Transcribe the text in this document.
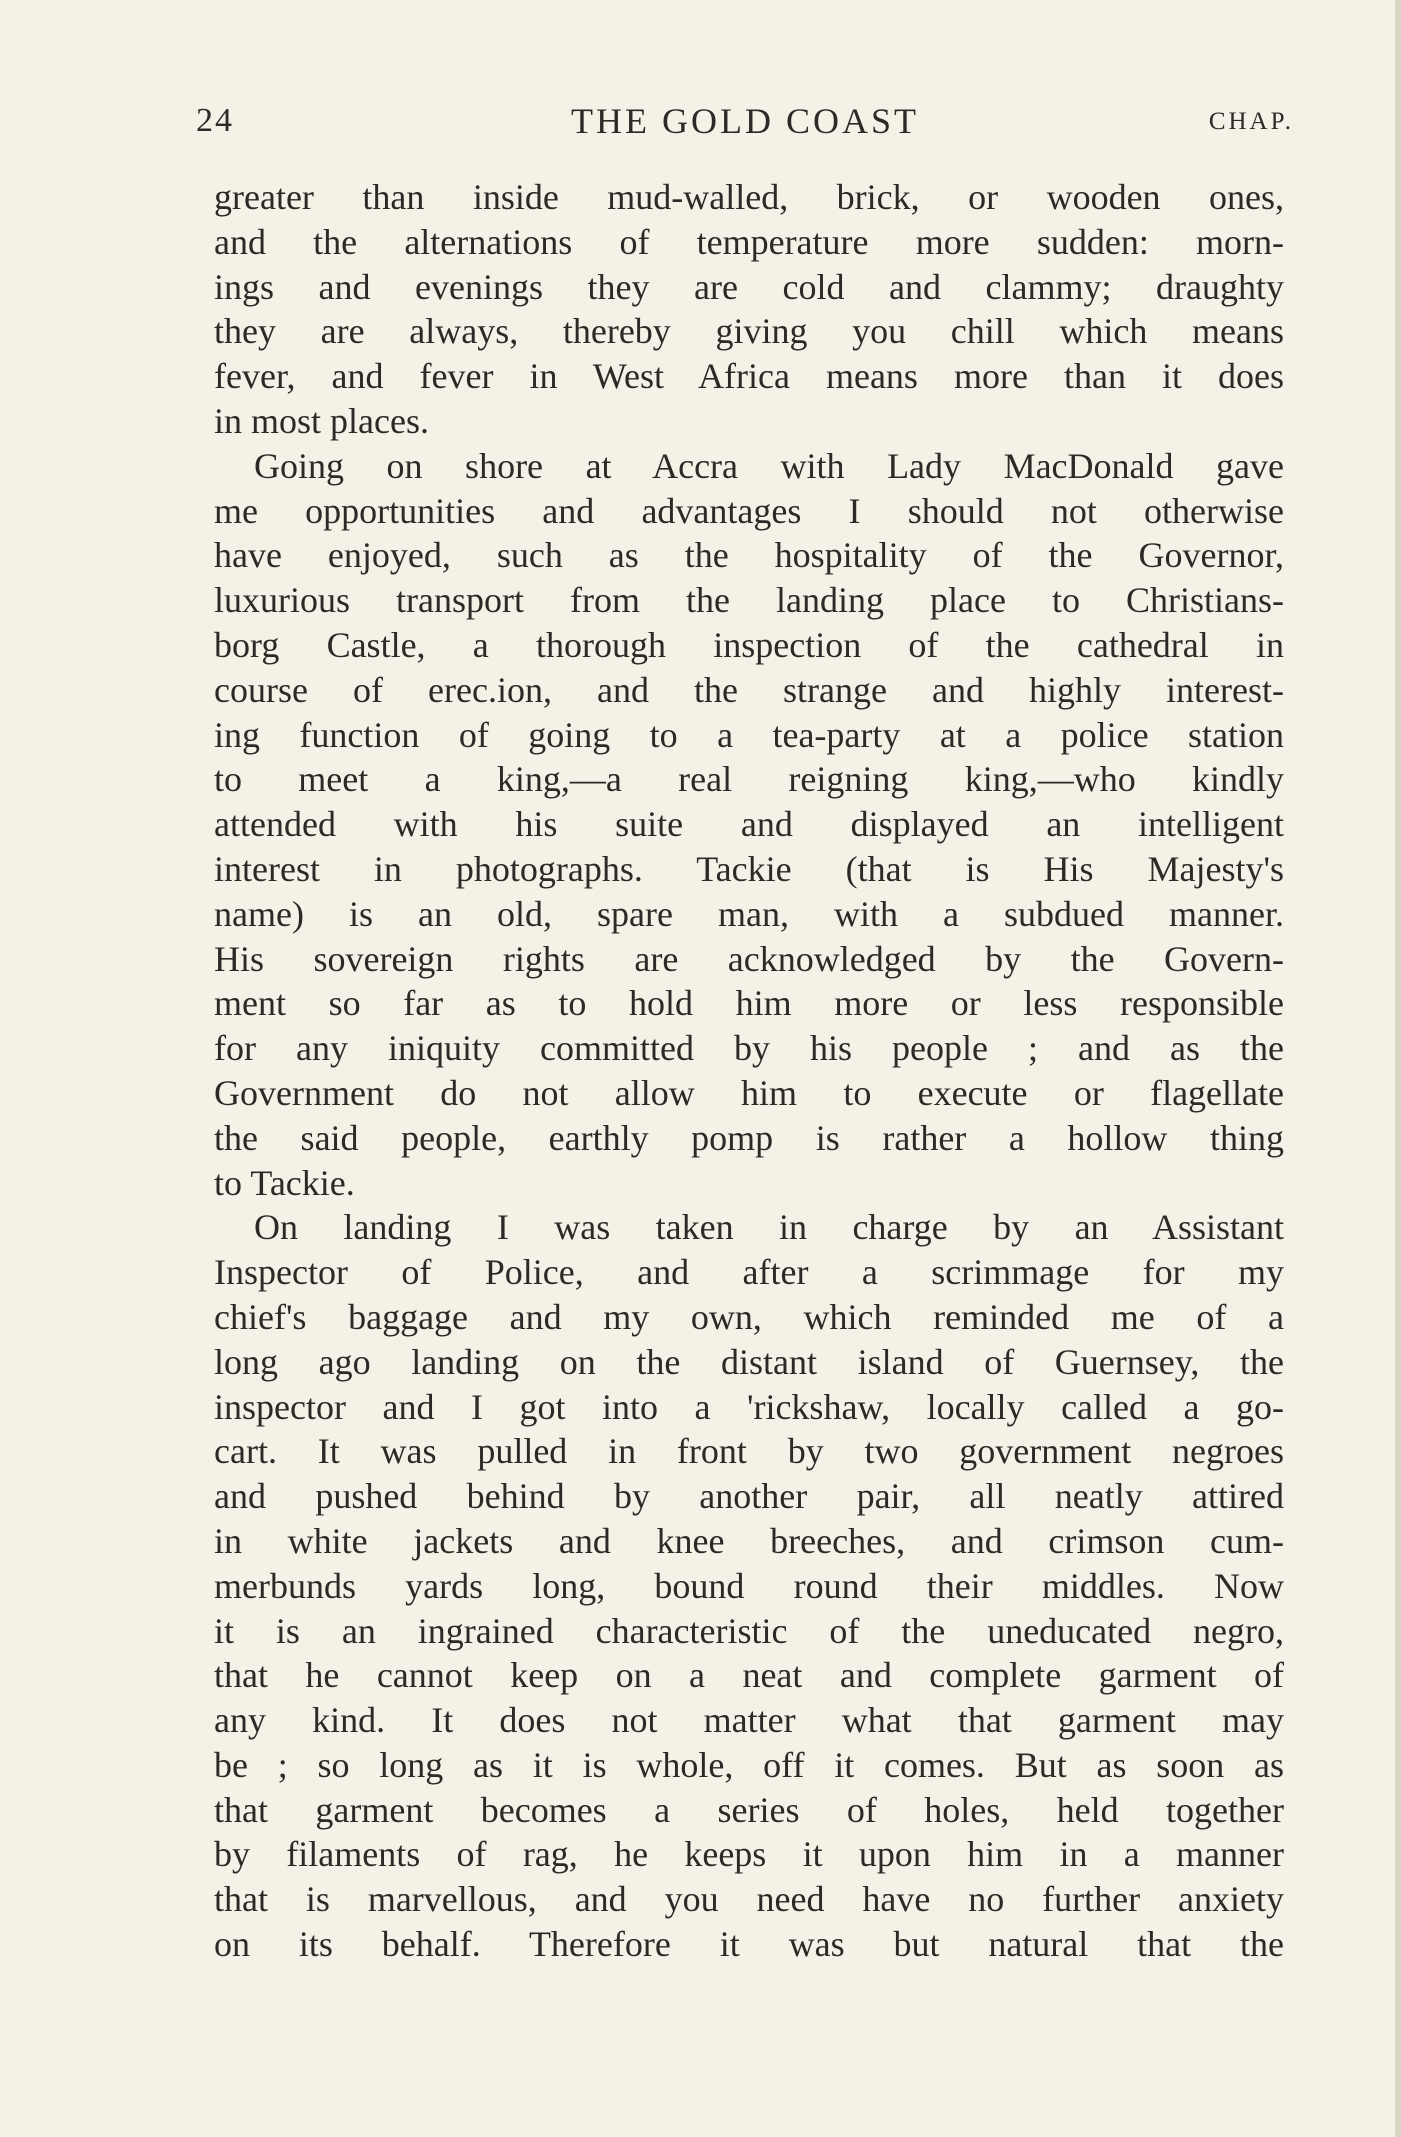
24	THE GOLD COAST	CHAP.
greater than inside mud-walled, brick, or wooden ones,
and the alternations of temperature more sudden: morn-
ings and evenings they are cold and clammy; draughty
they are always, thereby giving you chill which means
fever, and fever in West Africa means more than it does
in most places.
Going on shore at Accra with Lady MacDonald gave
me opportunities and advantages I should not otherwise
have enjoyed, such as the hospitality of the Governor,
luxurious transport from the landing place to Christians-
borg Castle, a thorough inspection of the cathedral in
course of erec.ion, and the strange and highly interest-
ing function of going to a tea-party at a police station
to meet a king,—a real reigning king,—who kindly
attended with his suite and displayed an intelligent
interest in photographs. Tackie (that is His Majesty's
name) is an old, spare man, with a subdued manner.
His sovereign rights are acknowledged by the Govern-
ment so far as to hold him more or less responsible
for any iniquity committed by his people ; and as the
Government do not allow him to execute or flagellate
the said people, earthly pomp is rather a hollow thing
to Tackie.
On landing I was taken in charge by an Assistant
Inspector of Police, and after a scrimmage for my
chief's baggage and my own, which reminded me of a
long ago landing on the distant island of Guernsey, the
inspector and I got into a 'rickshaw, locally called a go-
cart. It was pulled in front by two government negroes
and pushed behind by another pair, all neatly attired
in white jackets and knee breeches, and crimson cum-
merbunds yards long, bound round their middles. Now
it is an ingrained characteristic of the uneducated negro,
that he cannot keep on a neat and complete garment of
any kind. It does not matter what that garment may
be ; so long as it is whole, off it comes. But as soon as
that garment becomes a series of holes, held together
by filaments of rag, he keeps it upon him in a manner
that is marvellous, and you need have no further anxiety
on its behalf. Therefore it was but natural that the
